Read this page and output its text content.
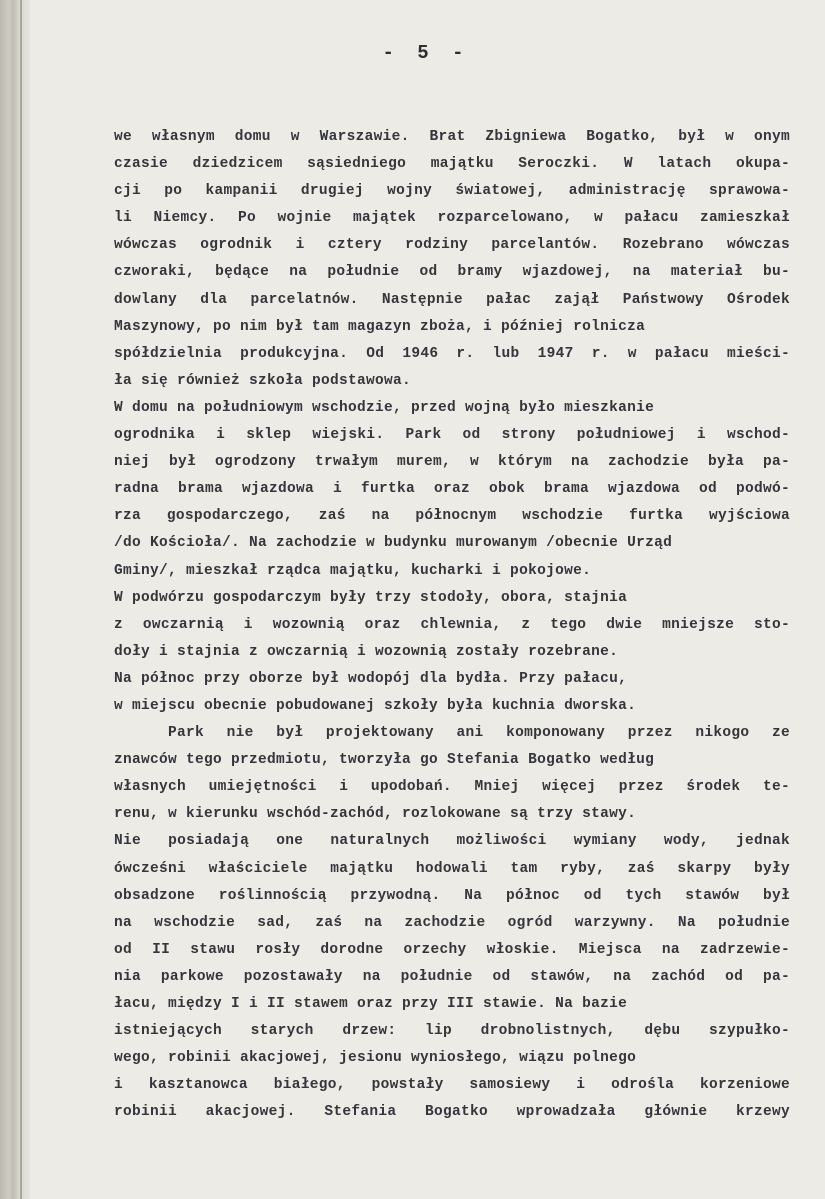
- 5 -

we własnym domu w Warszawie. Brat Zbigniewa Bogatko, był w onym
czasie dziedzicem sąsiedniego majątku Seroczki. W latach okupa-
cji po kampanii drugiej wojny światowej, administrację sprawowa-
li Niemcy. Po wojnie majątek rozparcelowano, w pałacu zamieszkał
wówczas ogrodnik i cztery rodziny parcelantów. Rozebrano wówczas
czworaki, będące na południe od bramy wjazdowej, na materiał bu-
dowlany dla parcelatnów. Następnie pałac zajął Państwowy Ośrodek
Maszynowy, po nim był tam magazyn zboża, i później rolnicza
spółdzielnia produkcyjna. Od 1946 r. lub 1947 r. w pałacu mieści-
ła się również szkoła podstawowa.
W domu na południowym wschodzie, przed wojną było mieszkanie
ogrodnika i sklep wiejski. Park od strony południowej i wschod-
niej był ogrodzony trwałym murem, w którym na zachodzie była pa-
radna brama wjazdowa i furtka oraz obok brama wjazdowa od podwó-
rza gospodarczego, zaś na północnym wschodzie furtka wyjściowa
/do Kościoła/. Na zachodzie w budynku murowanym /obecnie Urząd
Gminy/, mieszkał rządca majątku, kucharki i pokojowe.
W podwórzu gospodarczym były trzy stodoły, obora, stajnia
z owczarnią i wozownią oraz chlewnia, z tego dwie mniejsze sto-
doły i stajnia z owczarnią i wozownią zostały rozebrane.
Na północ przy oborze był wodopój dla bydła. Przy pałacu,
w miejscu obecnie pobudowanej szkoły była kuchnia dworska.
Park nie był projektowany ani komponowany przez nikogo ze
znawców tego przedmiotu, tworzyła go Stefania Bogatko według
własnych umiejętności i upodobań. Mniej więcej przez środek te-
renu, w kierunku wschód-zachód, rozlokowane są trzy stawy.
Nie posiadają one naturalnych możliwości wymiany wody, jednak
ówcześni właściciele majątku hodowali tam ryby, zaś skarpy były
obsadzone roślinnością przywodną. Na północ od tych stawów był
na wschodzie sad, zaś na zachodzie ogród warzywny. Na południe
od II stawu rosły dorodne orzechy włoskie. Miejsca na zadrzewie-
nia parkowe pozostawały na południe od stawów, na zachód od pa-
łacu, między I i II stawem oraz przy III stawie. Na bazie
istniejących starych drzew: lip drobnolistnych, dębu szypułko-
wego, robinii akacjowej, jesionu wyniosłego, wiązu polnego
i kasztanowca białego, powstały samosiewy i odrośla korzeniowe
robinii akacjowej. Stefania Bogatko wprowadzała głównie krzewy
